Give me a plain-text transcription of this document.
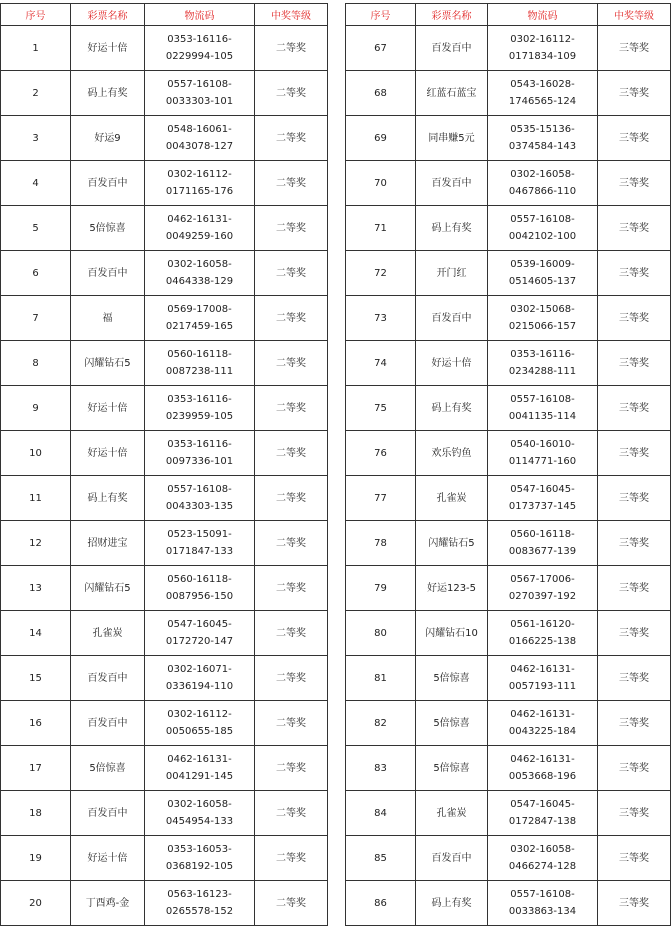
序号	彩票名称	物流码	中奖等级
1	好运十倍	0353-16116-
0229994-105	二等奖
2	码上有奖	0557-16108-
0033303-101	二等奖
3	好运9	0548-16061-
0043078-127	二等奖
4	百发百中	0302-16112-
0171165-176	二等奖
5	5倍惊喜	0462-16131-
0049259-160	二等奖
6	百发百中	0302-16058-
0464338-129	二等奖
7	福	0569-17008-
0217459-165	二等奖
8	闪耀钻石5	0560-16118-
0087238-111	二等奖
9	好运十倍	0353-16116-
0239959-105	二等奖
10	好运十倍	0353-16116-
0097336-101	二等奖
11	码上有奖	0557-16108-
0043303-135	二等奖
12	招财进宝	0523-15091-
0171847-133	二等奖
13	闪耀钻石5	0560-16118-
0087956-150	二等奖
14	孔雀炭	0547-16045-
0172720-147	二等奖
15	百发百中	0302-16071-
0336194-110	二等奖
16	百发百中	0302-16112-
0050655-185	二等奖
17	5倍惊喜	0462-16131-
0041291-145	二等奖
18	百发百中	0302-16058-
0454954-133	二等奖
19	好运十倍	0353-16053-
0368192-105	二等奖
20	丁酉鸡-金	0563-16123-
0265578-152	二等奖
序号	彩票名称	物流码	中奖等级
67	百发百中	0302-16112-
0171834-109	三等奖
68	红蓝石蓝宝	0543-16028-
1746565-124	三等奖
69	同串赚5元	0535-15136-
0374584-143	三等奖
70	百发百中	0302-16058-
0467866-110	三等奖
71	码上有奖	0557-16108-
0042102-100	三等奖
72	开门红	0539-16009-
0514605-137	三等奖
73	百发百中	0302-15068-
0215066-157	三等奖
74	好运十倍	0353-16116-
0234288-111	三等奖
75	码上有奖	0557-16108-
0041135-114	三等奖
76	欢乐钓鱼	0540-16010-
0114771-160	三等奖
77	孔雀炭	0547-16045-
0173737-145	三等奖
78	闪耀钻石5	0560-16118-
0083677-139	三等奖
79	好运123-5	0567-17006-
0270397-192	三等奖
80	闪耀钻石10	0561-16120-
0166225-138	三等奖
81	5倍惊喜	0462-16131-
0057193-111	三等奖
82	5倍惊喜	0462-16131-
0043225-184	三等奖
83	5倍惊喜	0462-16131-
0053668-196	三等奖
84	孔雀炭	0547-16045-
0172847-138	三等奖
85	百发百中	0302-16058-
0466274-128	三等奖
86	码上有奖	0557-16108-
0033863-134	三等奖
